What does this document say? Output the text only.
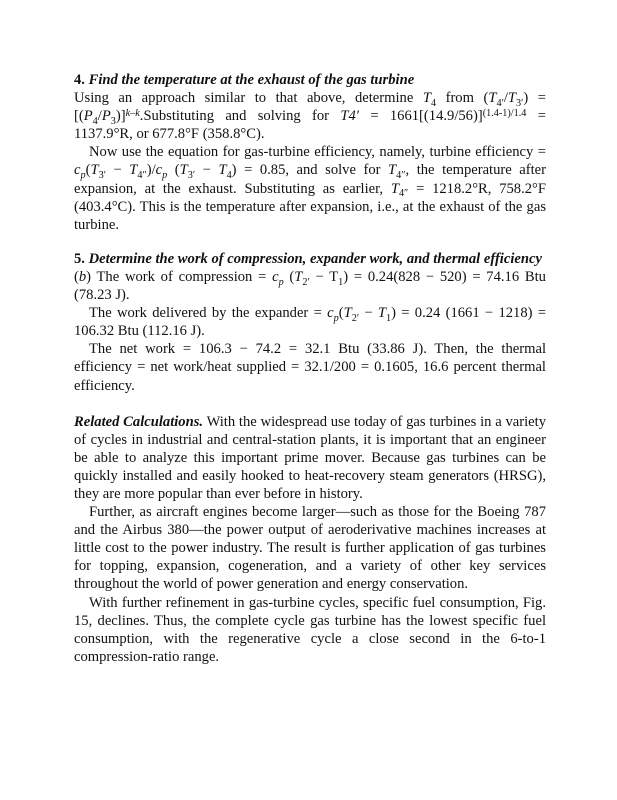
4. Find the temperature at the exhaust of the gas turbine

Using an approach similar to that above, determine $T_4$ from $(T_{4'}/T_{3'})$ = $[(P_4/P_3)]^{k-k}.Substituting$ and solving for $T4' = 1661[(14.9/56)]^{(1.4-1)/1.4} = 1137.9^\circ R$, or 677.8°F (358.8°C).

Now use the equation for gas-turbine efficiency, namely, turbine efficiency = $c_p(T_{3'} - T_{4''})/c_p$ $(T_{3'} - T_4) = 0.85$, and solve for $T_{4''}$, the temperature after expansion, at the exhaust. Substituting as earlier, $T_{4''} = 1218.2^\circ R$, 758.2°F (403.4°C). This is the temperature after expansion, i.e., at the exhaust of the gas turbine.

5. Determine the work of compression, expander work, and thermal efficiency

(b) The work of compression = $c_p$ $(T_{2'} - T_1) = 0.24(828 - 520) = 74.16$ Btu (78.23 J).

The work delivered by the expander = $c_p(T_{2'} - T_1) = 0.24$ (1661 − 1218) = 106.32 Btu (112.16 J).

The net work = 106.3 − 74.2 = 32.1 Btu (33.86 J). Then, the thermal efficiency = net work/heat supplied = 32.1/200 = 0.1605, 16.6 percent thermal efficiency.

Related Calculations. With the widespread use today of gas turbines in a variety of cycles in industrial and central-station plants, it is important that an engineer be able to analyze this important prime mover. Because gas turbines can be quickly installed and easily hooked to heat-recovery steam generators (HRSG), they are more popular than ever before in history.

Further, as aircraft engines become larger—such as those for the Boeing 787 and the Airbus 380—the power output of aeroderivative machines increases at little cost to the power industry. The result is further application of gas turbines for topping, expansion, cogeneration, and a variety of other key services throughout the world of power generation and energy conservation.

With further refinement in gas-turbine cycles, specific fuel consumption, Fig. 15, declines. Thus, the complete cycle gas turbine has the lowest specific fuel consumption, with the regenerative cycle a close second in the 6-to-1 compression-ratio range.
